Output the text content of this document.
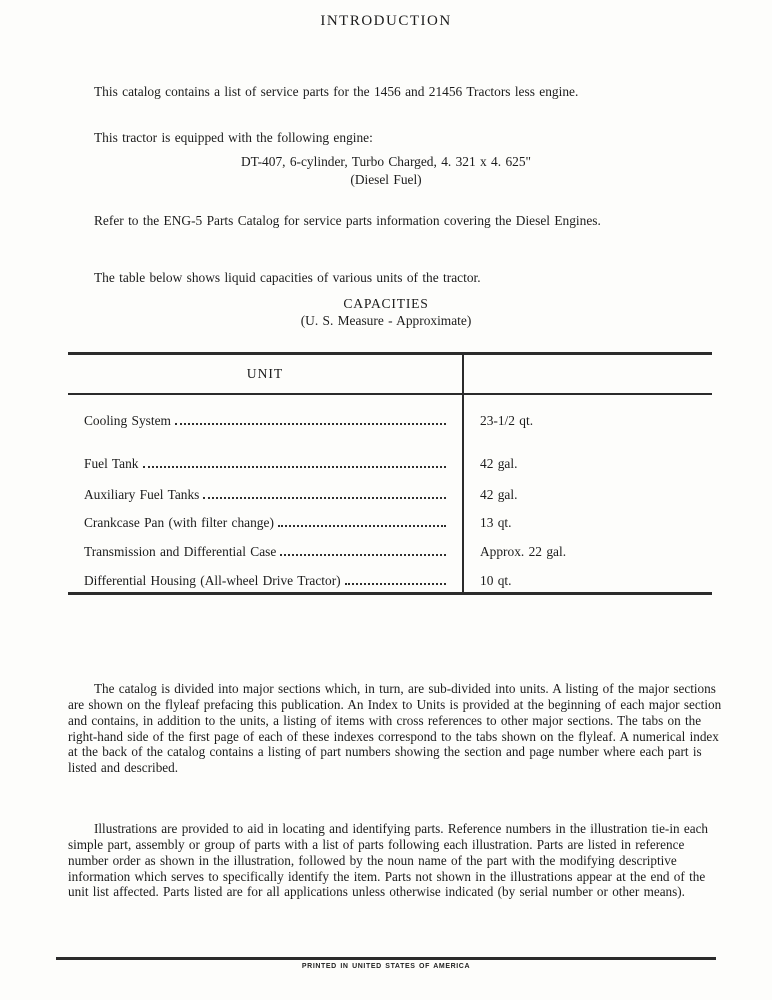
INTRODUCTION

This catalog contains a list of service parts for the 1456 and 21456 Tractors less engine.

This tractor is equipped with the following engine:

DT-407, 6-cylinder, Turbo Charged, 4. 321 x 4. 625"
(Diesel Fuel)

Refer to the ENG-5 Parts Catalog for service parts information covering the Diesel Engines.

The table below shows liquid capacities of various units of the tractor.

CAPACITIES
(U. S. Measure - Approximate)
UNIT
Cooling System	23-1/2 qt.
Fuel Tank	42 gal.
Auxiliary Fuel Tanks	42 gal.
Crankcase Pan (with filter change)	13 qt.
Transmission and Differential Case	Approx. 22 gal.
Differential Housing (All-wheel Drive Tractor)	10 qt.

The catalog is divided into major sections which, in turn, are sub-divided into units. A listing of the major sections are shown on the flyleaf prefacing this publication. An Index to Units is provided at the beginning of each major section and contains, in addition to the units, a listing of items with cross references to other major sections. The tabs on the right-hand side of the first page of each of these indexes correspond to the tabs shown on the flyleaf. A numerical index at the back of the catalog contains a listing of part numbers showing the section and page number where each part is listed and described.

Illustrations are provided to aid in locating and identifying parts. Reference numbers in the illustration tie-in each simple part, assembly or group of parts with a list of parts following each illustration. Parts are listed in reference number order as shown in the illustration, followed by the noun name of the part with the modifying descriptive information which serves to specifically identify the item. Parts not shown in the illustrations appear at the end of the unit list affected. Parts listed are for all applications unless otherwise indicated (by serial number or other means).

PRINTED IN UNITED STATES OF AMERICA
